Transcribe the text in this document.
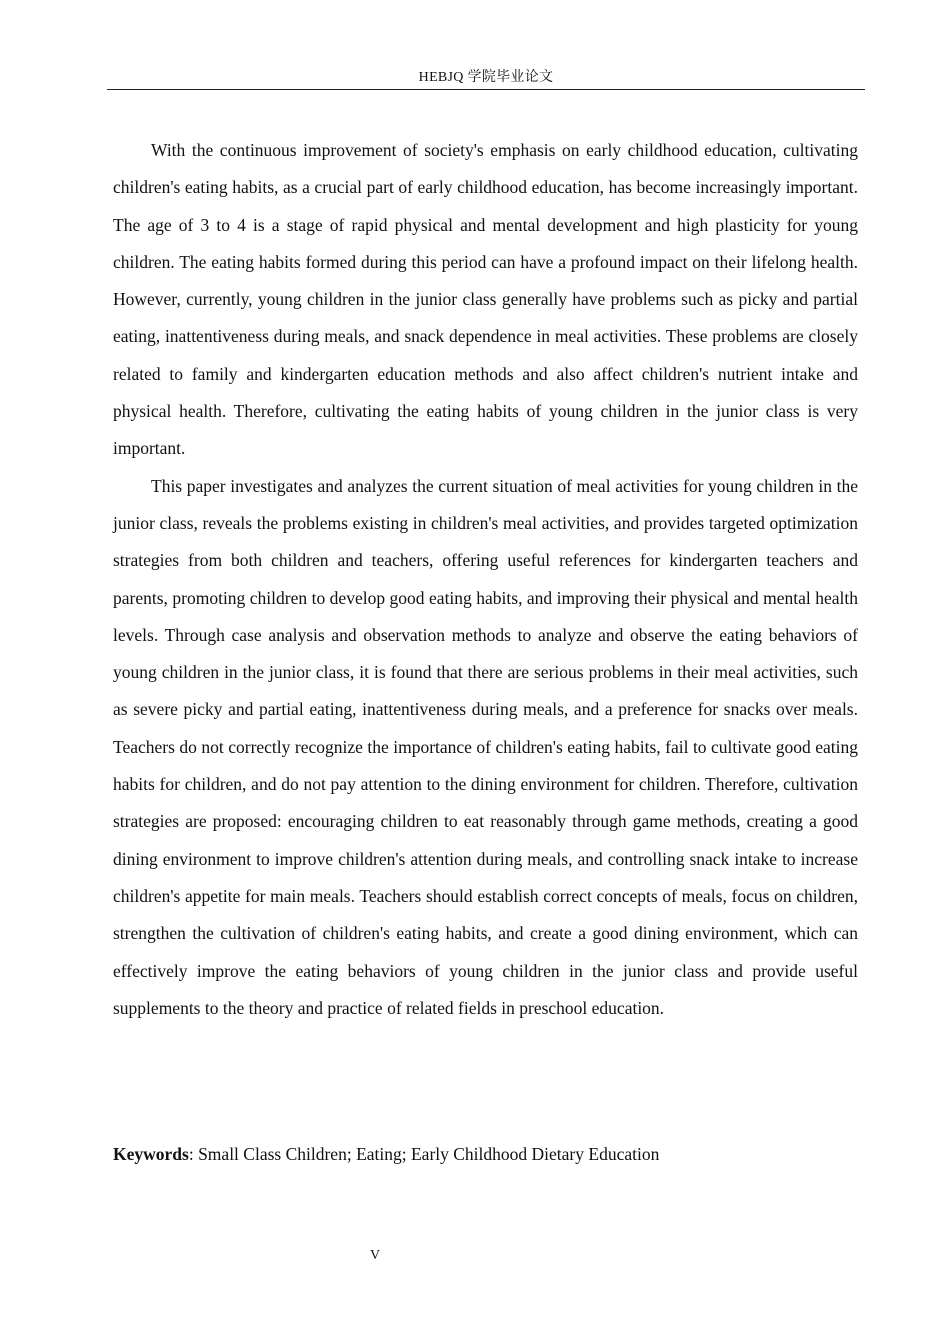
HEBJQ 学院毕业论文

With the continuous improvement of society's emphasis on early childhood education, cultivating children's eating habits, as a crucial part of early childhood education, has become increasingly important. The age of 3 to 4 is a stage of rapid physical and mental development and high plasticity for young children. The eating habits formed during this period can have a profound impact on their lifelong health. However, currently, young children in the junior class generally have problems such as picky and partial eating, inattentiveness during meals, and snack dependence in meal activities. These problems are closely related to family and kindergarten education methods and also affect children's nutrient intake and physical health. Therefore, cultivating the eating habits of young children in the junior class is very important.

This paper investigates and analyzes the current situation of meal activities for young children in the junior class, reveals the problems existing in children's meal activities, and provides targeted optimization strategies from both children and teachers, offering useful references for kindergarten teachers and parents, promoting children to develop good eating habits, and improving their physical and mental health levels. Through case analysis and observation methods to analyze and observe the eating behaviors of young children in the junior class, it is found that there are serious problems in their meal activities, such as severe picky and partial eating, inattentiveness during meals, and a preference for snacks over meals. Teachers do not correctly recognize the importance of children's eating habits, fail to cultivate good eating habits for children, and do not pay attention to the dining environment for children. Therefore, cultivation strategies are proposed: encouraging children to eat reasonably through game methods, creating a good dining environment to improve children's attention during meals, and controlling snack intake to increase children's appetite for main meals. Teachers should establish correct concepts of meals, focus on children, strengthen the cultivation of children's eating habits, and create a good dining environment, which can effectively improve the eating behaviors of young children in the junior class and provide useful supplements to the theory and practice of related fields in preschool education.

Keywords: Small Class Children; Eating; Early Childhood Dietary Education
V
